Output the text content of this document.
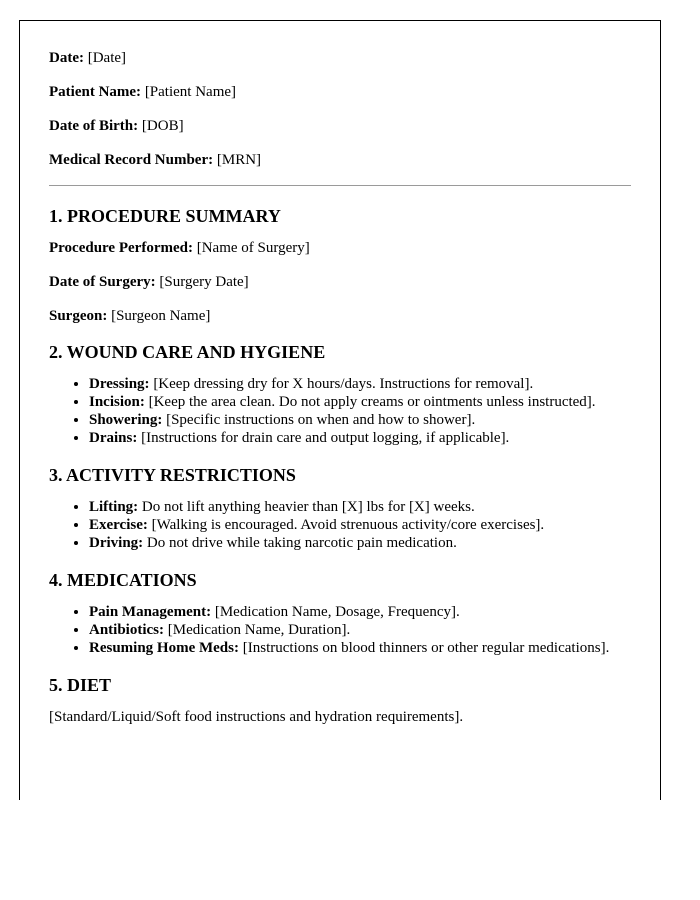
Date: [Date]

Patient Name: [Patient Name]

Date of Birth: [DOB]

Medical Record Number: [MRN]

1. PROCEDURE SUMMARY

Procedure Performed: [Name of Surgery]

Date of Surgery: [Surgery Date]

Surgeon: [Surgeon Name]

2. WOUND CARE AND HYGIENE
• Dressing: [Keep dressing dry for X hours/days. Instructions for removal].
• Incision: [Keep the area clean. Do not apply creams or ointments unless instructed].
• Showering: [Specific instructions on when and how to shower].
• Drains: [Instructions for drain care and output logging, if applicable].
3. ACTIVITY RESTRICTIONS
• Lifting: Do not lift anything heavier than [X] lbs for [X] weeks.
• Exercise: [Walking is encouraged. Avoid strenuous activity/core exercises].
• Driving: Do not drive while taking narcotic pain medication.
4. MEDICATIONS
• Pain Management: [Medication Name, Dosage, Frequency].
• Antibiotics: [Medication Name, Duration].
• Resuming Home Meds: [Instructions on blood thinners or other regular medications].
5. DIET

[Standard/Liquid/Soft food instructions and hydration requirements].
